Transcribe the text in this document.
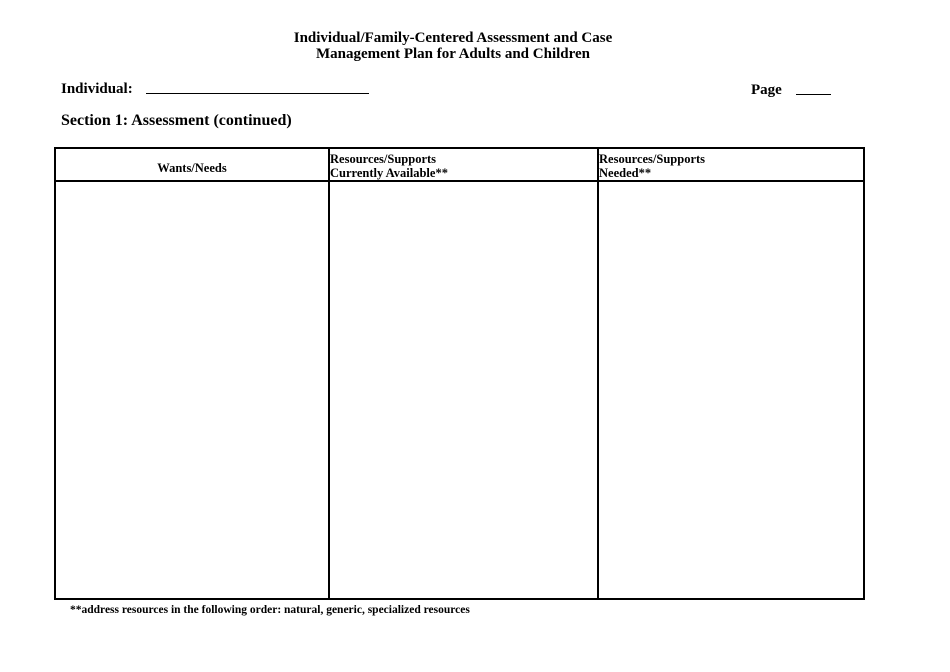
Individual/Family-Centered Assessment and Case
Management Plan for Adults and Children
Individual:	Page
Section 1: Assessment (continued)
Wants/Needs
Resources/Supports
Currently Available**
Resources/Supports
Needed**
**address resources in the following order: natural, generic, specialized resources
